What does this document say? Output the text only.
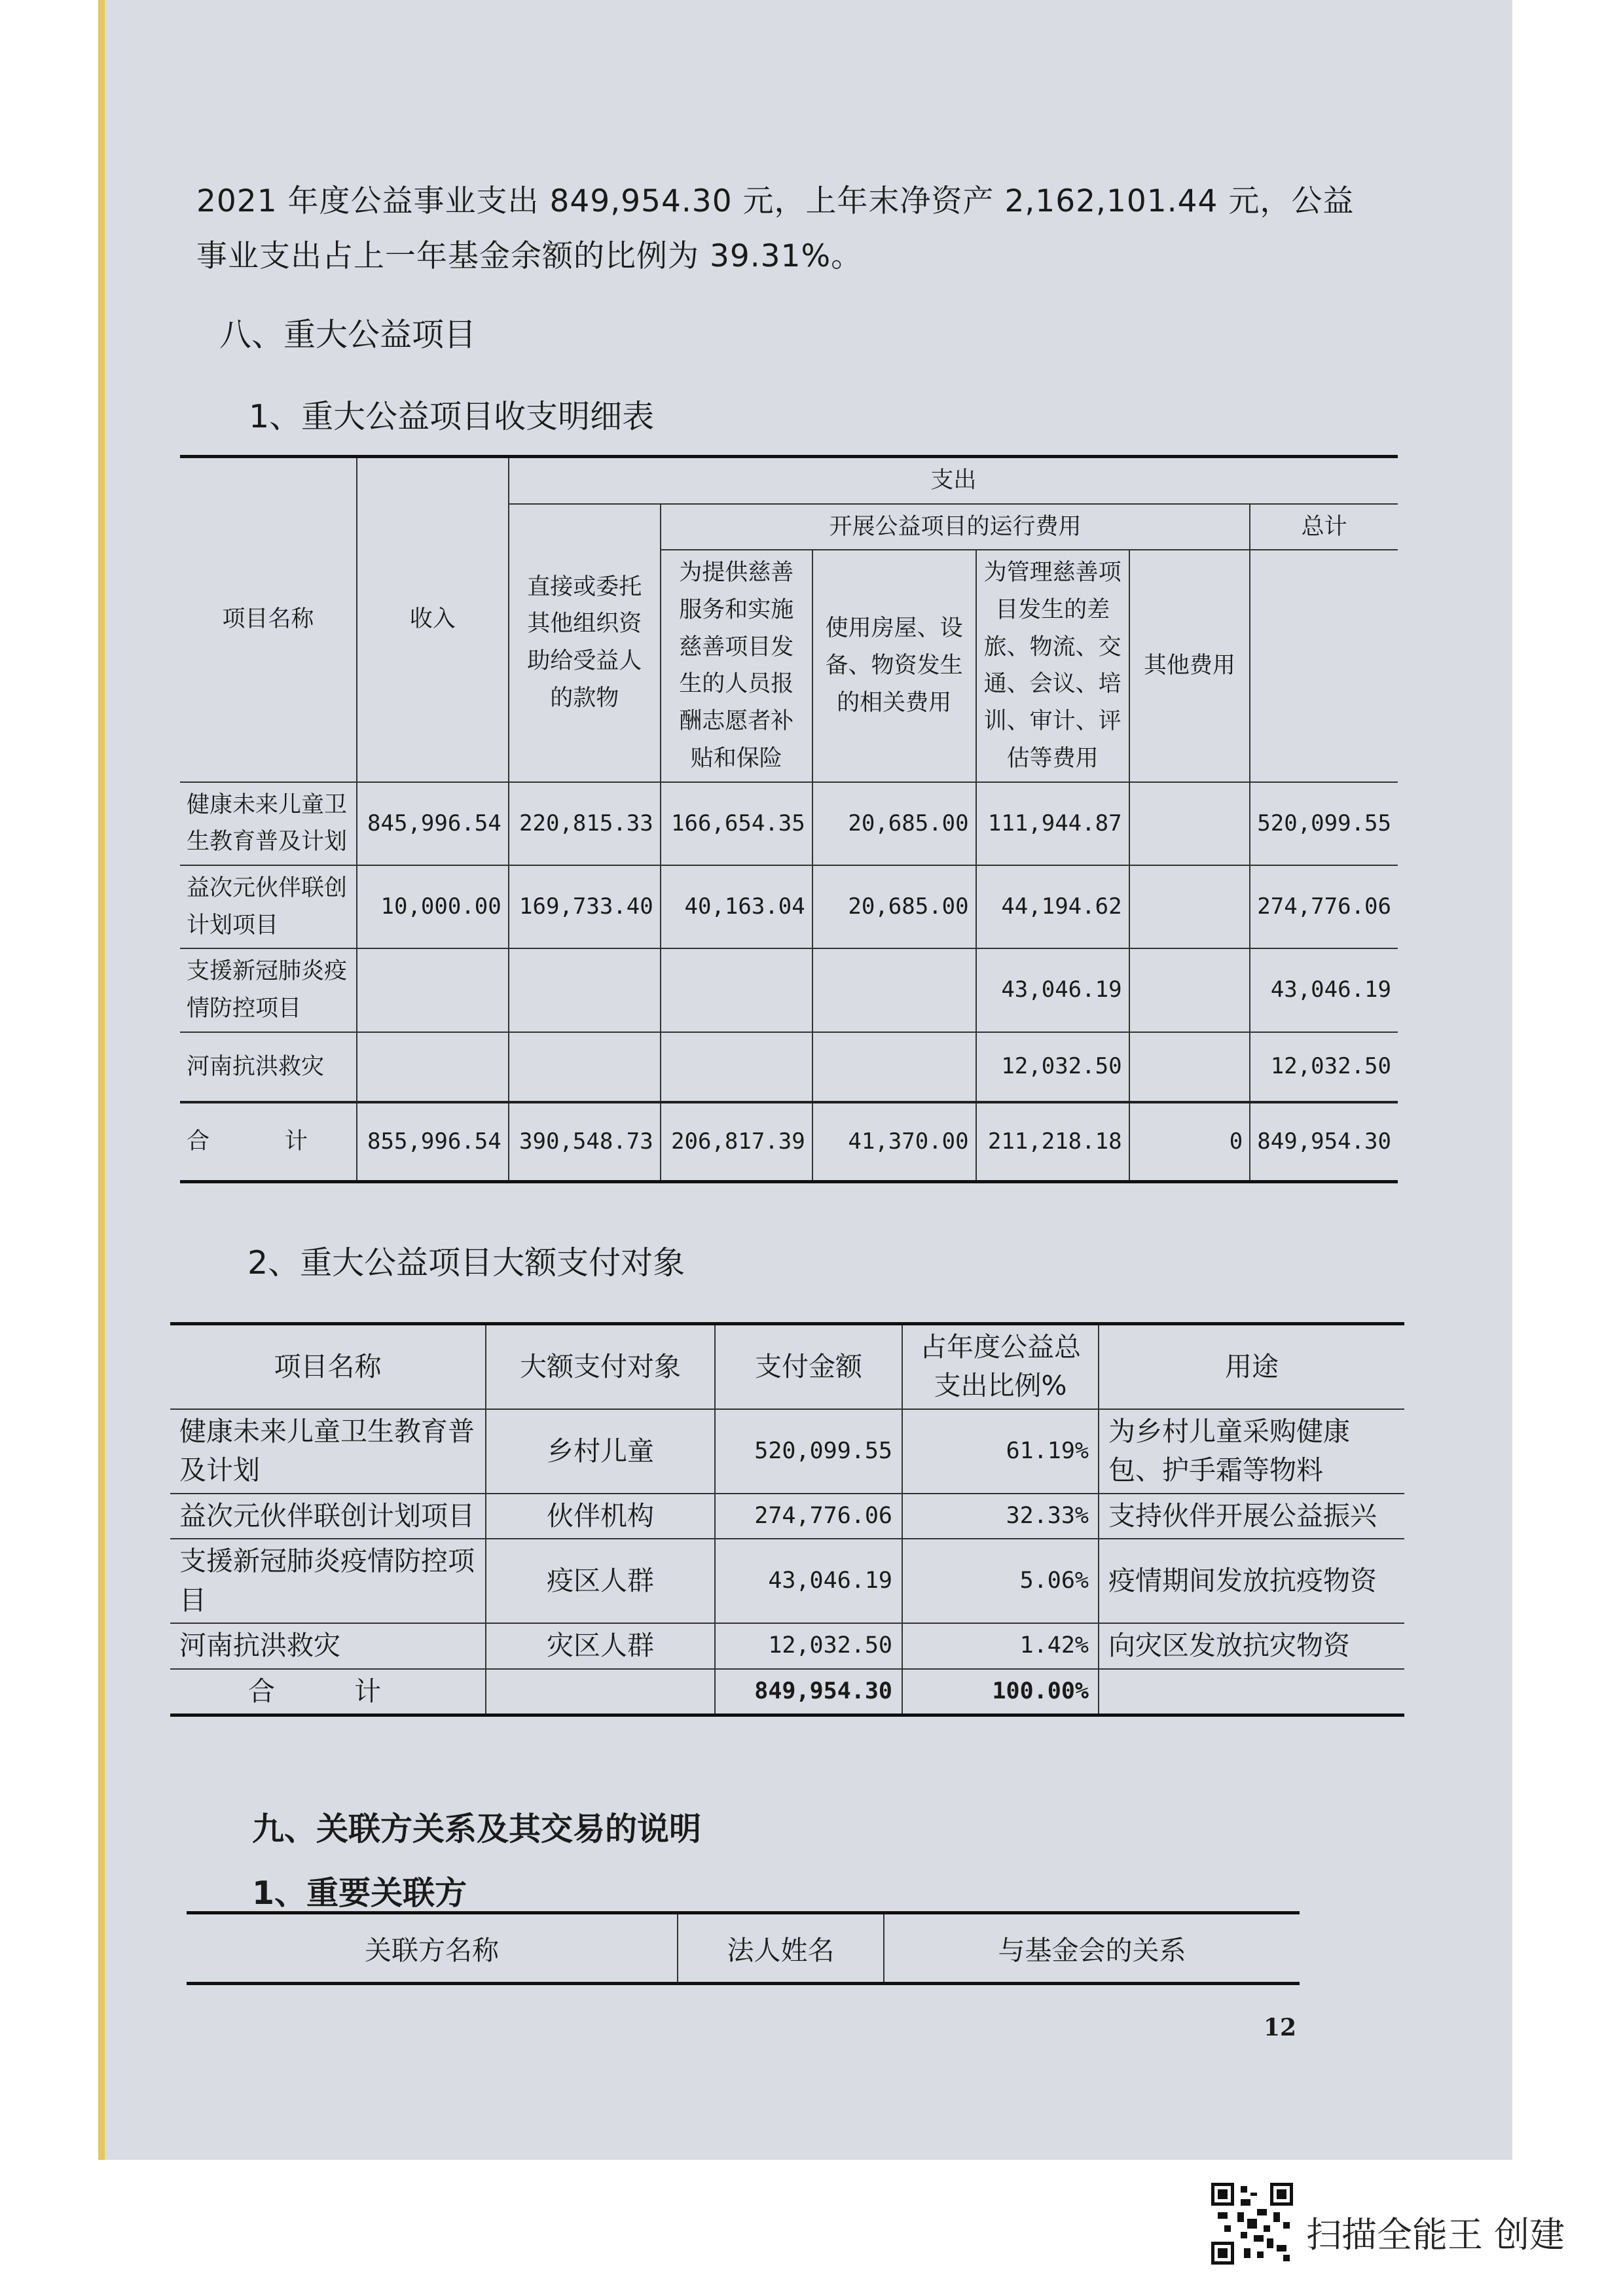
2021 年度公益事业支出 849,954.30 元，上年末净资产 2,162,101.44 元，公益
事业支出占上一年基金余额的比例为 39.31%。
八、重大公益项目
1、重大公益项目收支明细表
项目名称	收入	支出					
		直接或委托其他组织资助给受益人的款物	开展公益项目的运行费用				总计
			为提供慈善服务和实施慈善项目发生的人员报酬志愿者补贴和保险	使用房屋、设备、物资发生的相关费用	为管理慈善项目发生的差旅、物流、交通、会议、培训、审计、评估等费用	其他费用	
健康未来儿童卫生教育普及计划	845,996.54	220,815.33	166,654.35	20,685.00	111,944.87		520,099.55
益次元伙伴联创计划项目	10,000.00	169,733.40	40,163.04	20,685.00	44,194.62		274,776.06
支援新冠肺炎疫情防控项目					43,046.19		43,046.19
河南抗洪救灾					12,032.50		12,032.50
合　计	855,996.54	390,548.73	206,817.39	41,370.00	211,218.18	0	849,954.30
2、重大公益项目大额支付对象
项目名称	大额支付对象	支付金额	占年度公益总支出比例%	用途
健康未来儿童卫生教育普及计划	乡村儿童	520,099.55	61.19%	为乡村儿童采购健康包、护手霜等物料
益次元伙伴联创计划项目	伙伴机构	274,776.06	32.33%	支持伙伴开展公益振兴
支援新冠肺炎疫情防控项目	疫区人群	43,046.19	5.06%	疫情期间发放抗疫物资
河南抗洪救灾	灾区人群	12,032.50	1.42%	向灾区发放抗灾物资
合　计		849,954.30	100.00%	
九、关联方关系及其交易的说明
1、重要关联方
关联方名称	法人姓名	与基金会的关系
12
扫描全能王 创建
